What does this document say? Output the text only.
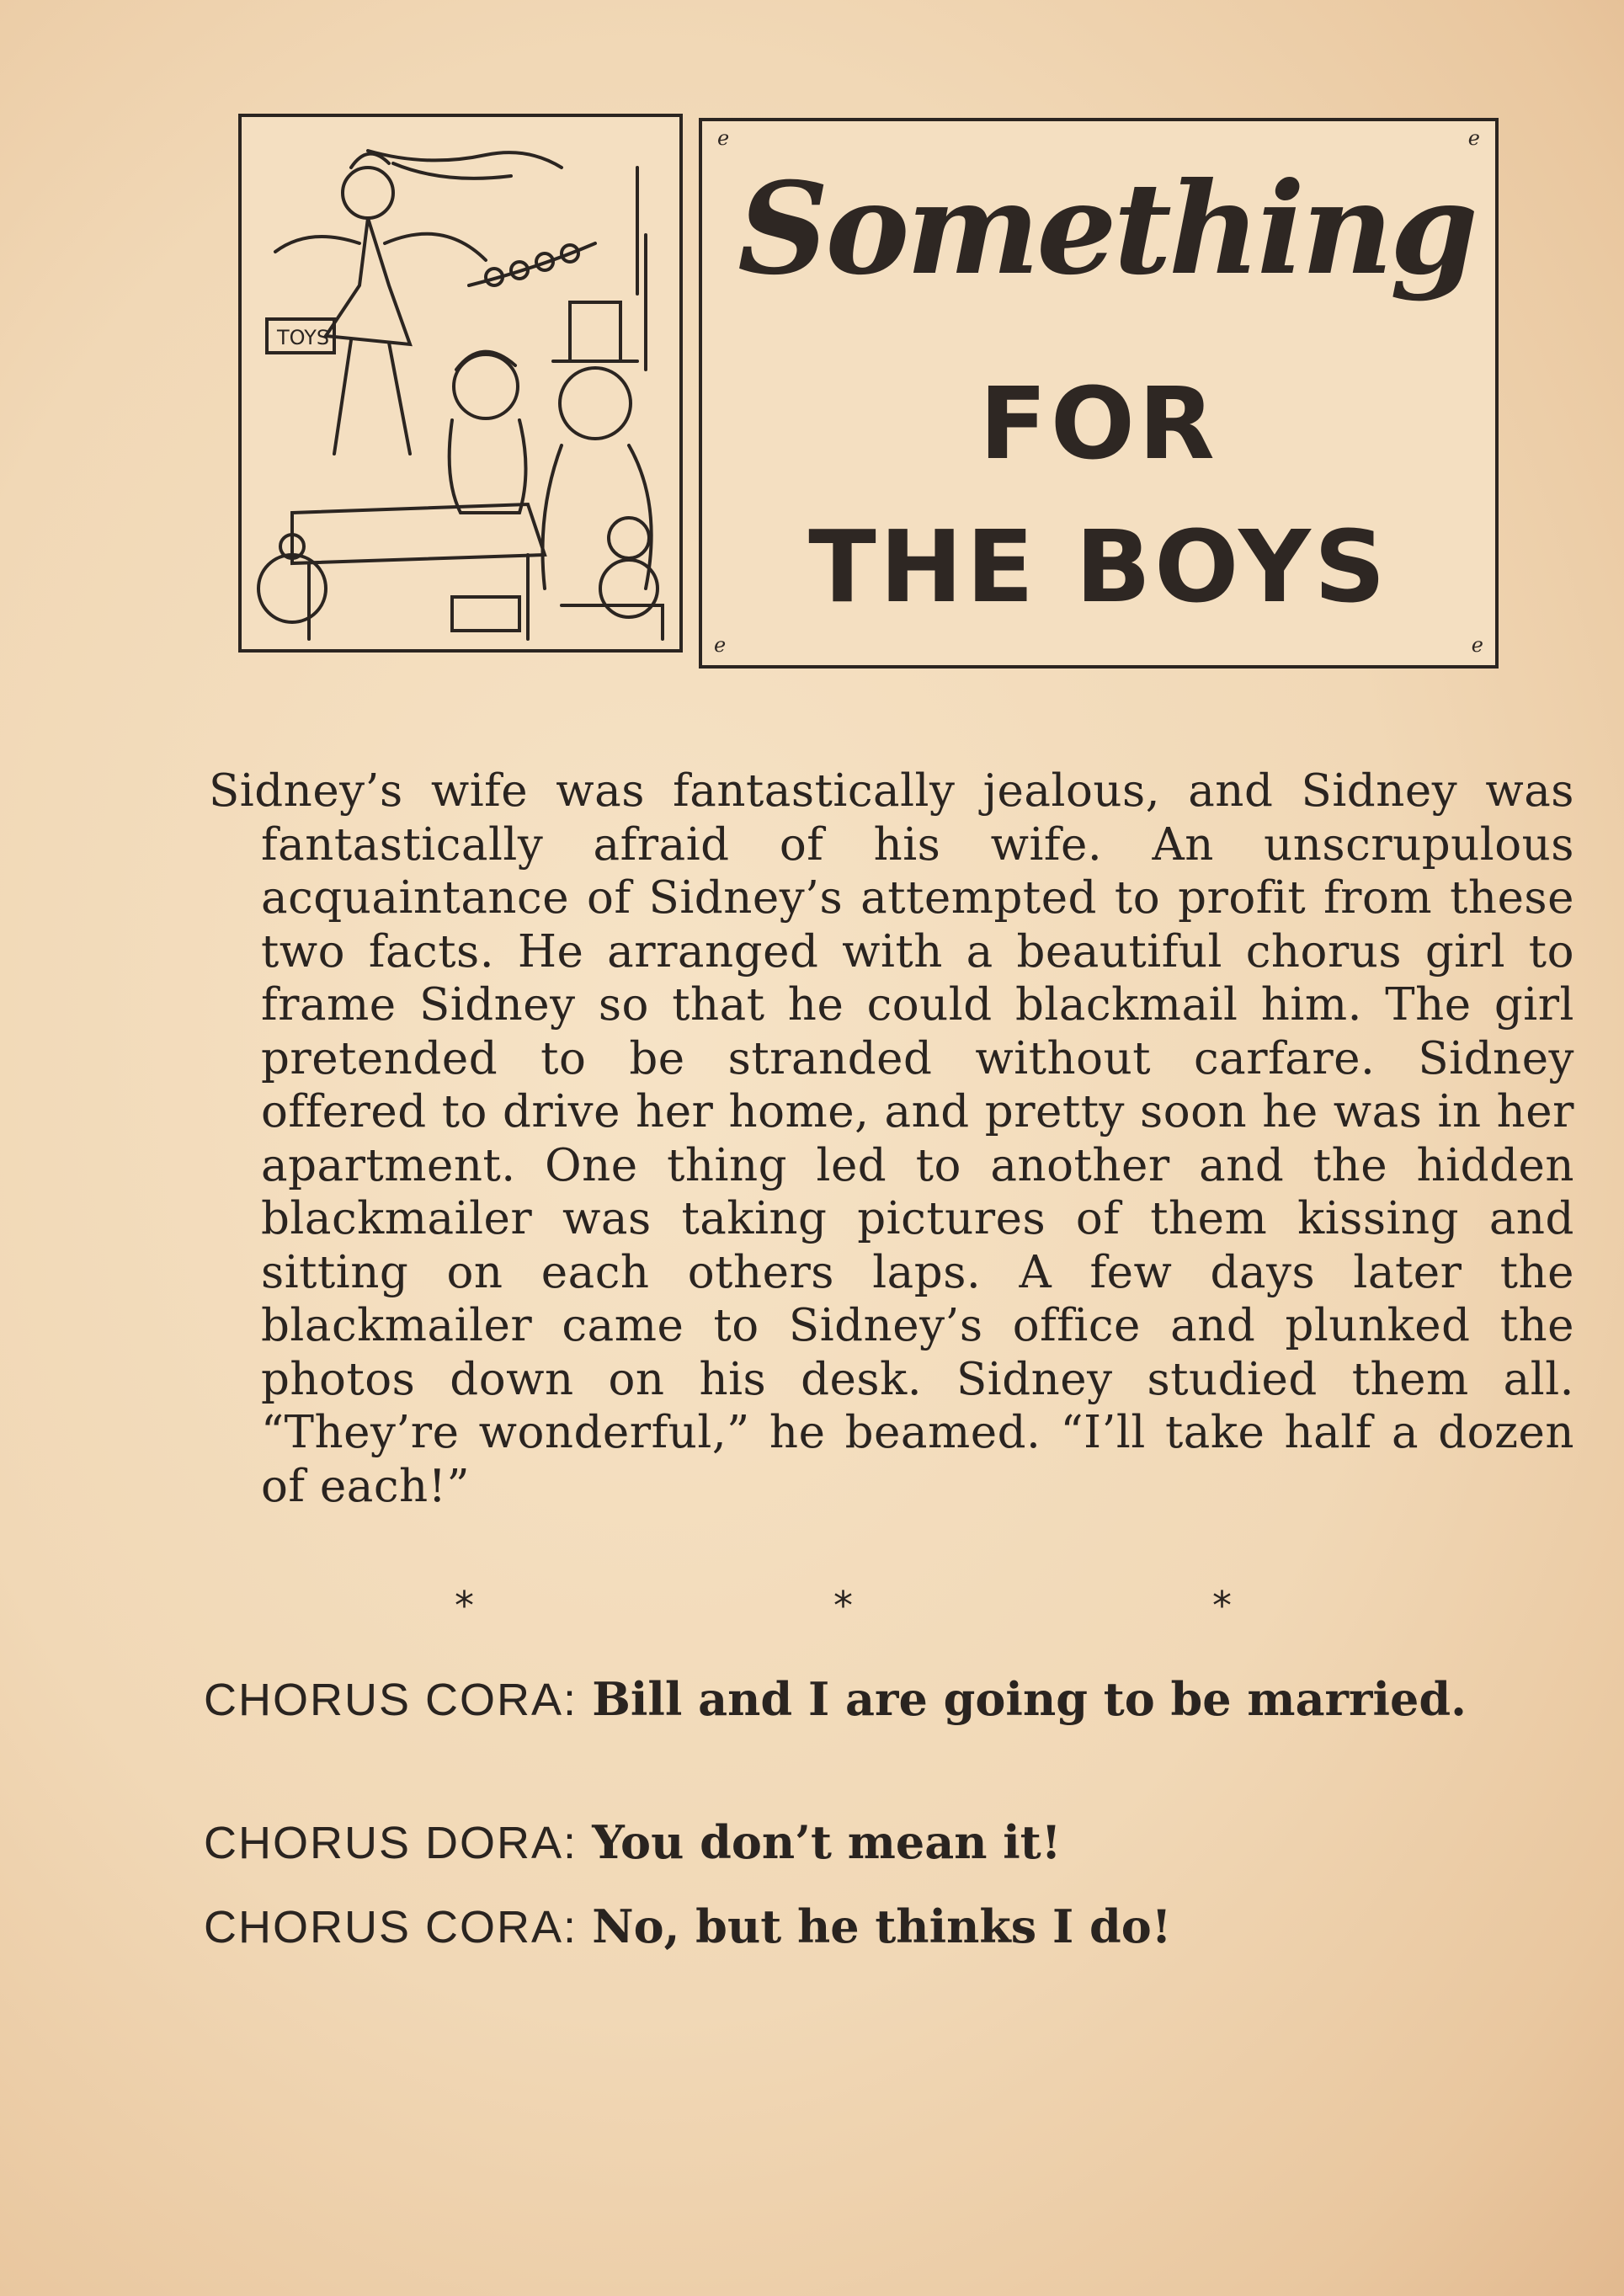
TOYS
ℯ	ℯ
ℯ	ℯ
Something
FOR
THE BOYS

Sidney’s wife was fantastically jealous, and Sidney was fantastically afraid of his wife. An unscrupulous acquaintance of Sidney’s attempted to profit from these two facts. He arranged with a beautiful chorus girl to frame Sidney so that he could blackmail him. The girl pretended to be stranded without carfare. Sidney offered to drive her home, and pretty soon he was in her apartment. One thing led to another and the hidden blackmailer was taking pictures of them kissing and sitting on each others laps. A few days later the blackmailer came to Sidney’s office and plunked the photos down on his desk. Sidney studied them all. “They’re wonderful,” he beamed. “I’ll take half a dozen of each!”

*	*	*

CHORUS CORA: Bill and I are going to be married.

CHORUS DORA: You don’t mean it!

CHORUS CORA: No, but he thinks I do!
